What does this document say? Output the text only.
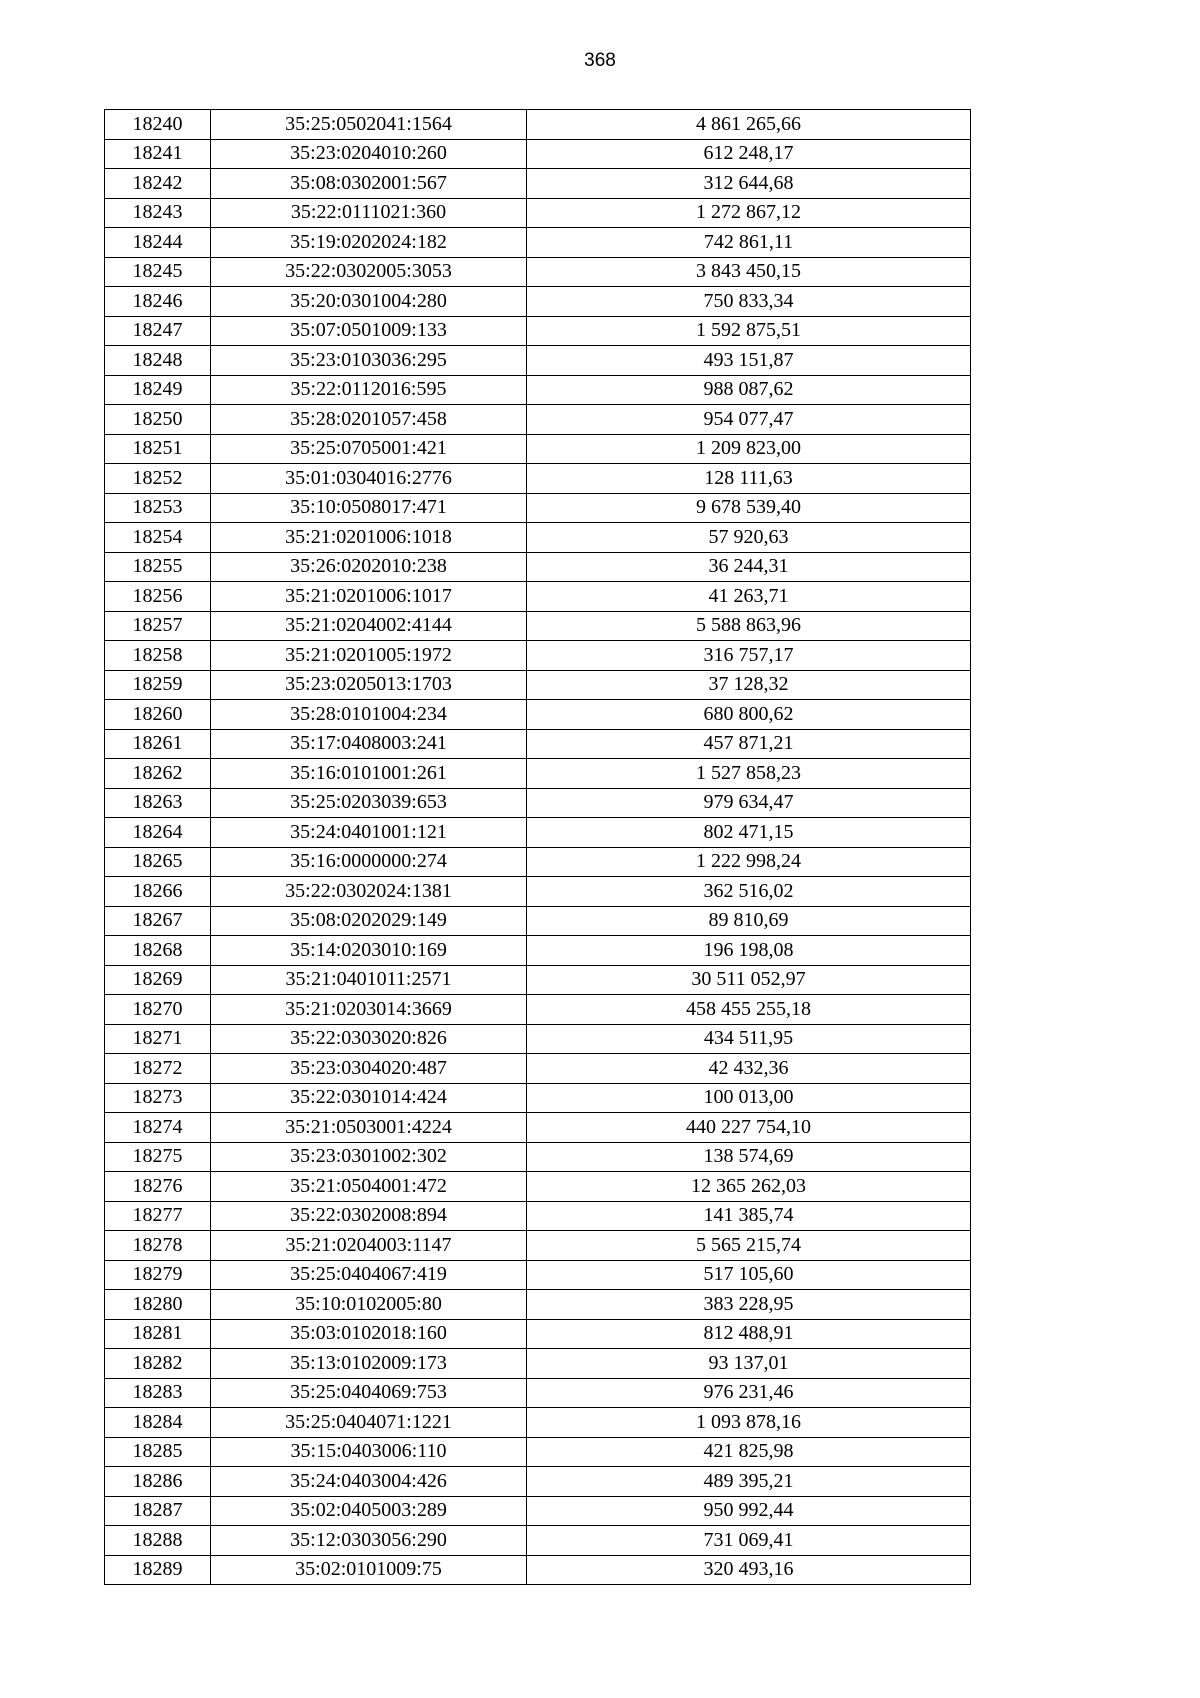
368
18240	35:25:0502041:1564	4 861 265,66
18241	35:23:0204010:260	612 248,17
18242	35:08:0302001:567	312 644,68
18243	35:22:0111021:360	1 272 867,12
18244	35:19:0202024:182	742 861,11
18245	35:22:0302005:3053	3 843 450,15
18246	35:20:0301004:280	750 833,34
18247	35:07:0501009:133	1 592 875,51
18248	35:23:0103036:295	493 151,87
18249	35:22:0112016:595	988 087,62
18250	35:28:0201057:458	954 077,47
18251	35:25:0705001:421	1 209 823,00
18252	35:01:0304016:2776	128 111,63
18253	35:10:0508017:471	9 678 539,40
18254	35:21:0201006:1018	57 920,63
18255	35:26:0202010:238	36 244,31
18256	35:21:0201006:1017	41 263,71
18257	35:21:0204002:4144	5 588 863,96
18258	35:21:0201005:1972	316 757,17
18259	35:23:0205013:1703	37 128,32
18260	35:28:0101004:234	680 800,62
18261	35:17:0408003:241	457 871,21
18262	35:16:0101001:261	1 527 858,23
18263	35:25:0203039:653	979 634,47
18264	35:24:0401001:121	802 471,15
18265	35:16:0000000:274	1 222 998,24
18266	35:22:0302024:1381	362 516,02
18267	35:08:0202029:149	89 810,69
18268	35:14:0203010:169	196 198,08
18269	35:21:0401011:2571	30 511 052,97
18270	35:21:0203014:3669	458 455 255,18
18271	35:22:0303020:826	434 511,95
18272	35:23:0304020:487	42 432,36
18273	35:22:0301014:424	100 013,00
18274	35:21:0503001:4224	440 227 754,10
18275	35:23:0301002:302	138 574,69
18276	35:21:0504001:472	12 365 262,03
18277	35:22:0302008:894	141 385,74
18278	35:21:0204003:1147	5 565 215,74
18279	35:25:0404067:419	517 105,60
18280	35:10:0102005:80	383 228,95
18281	35:03:0102018:160	812 488,91
18282	35:13:0102009:173	93 137,01
18283	35:25:0404069:753	976 231,46
18284	35:25:0404071:1221	1 093 878,16
18285	35:15:0403006:110	421 825,98
18286	35:24:0403004:426	489 395,21
18287	35:02:0405003:289	950 992,44
18288	35:12:0303056:290	731 069,41
18289	35:02:0101009:75	320 493,16
